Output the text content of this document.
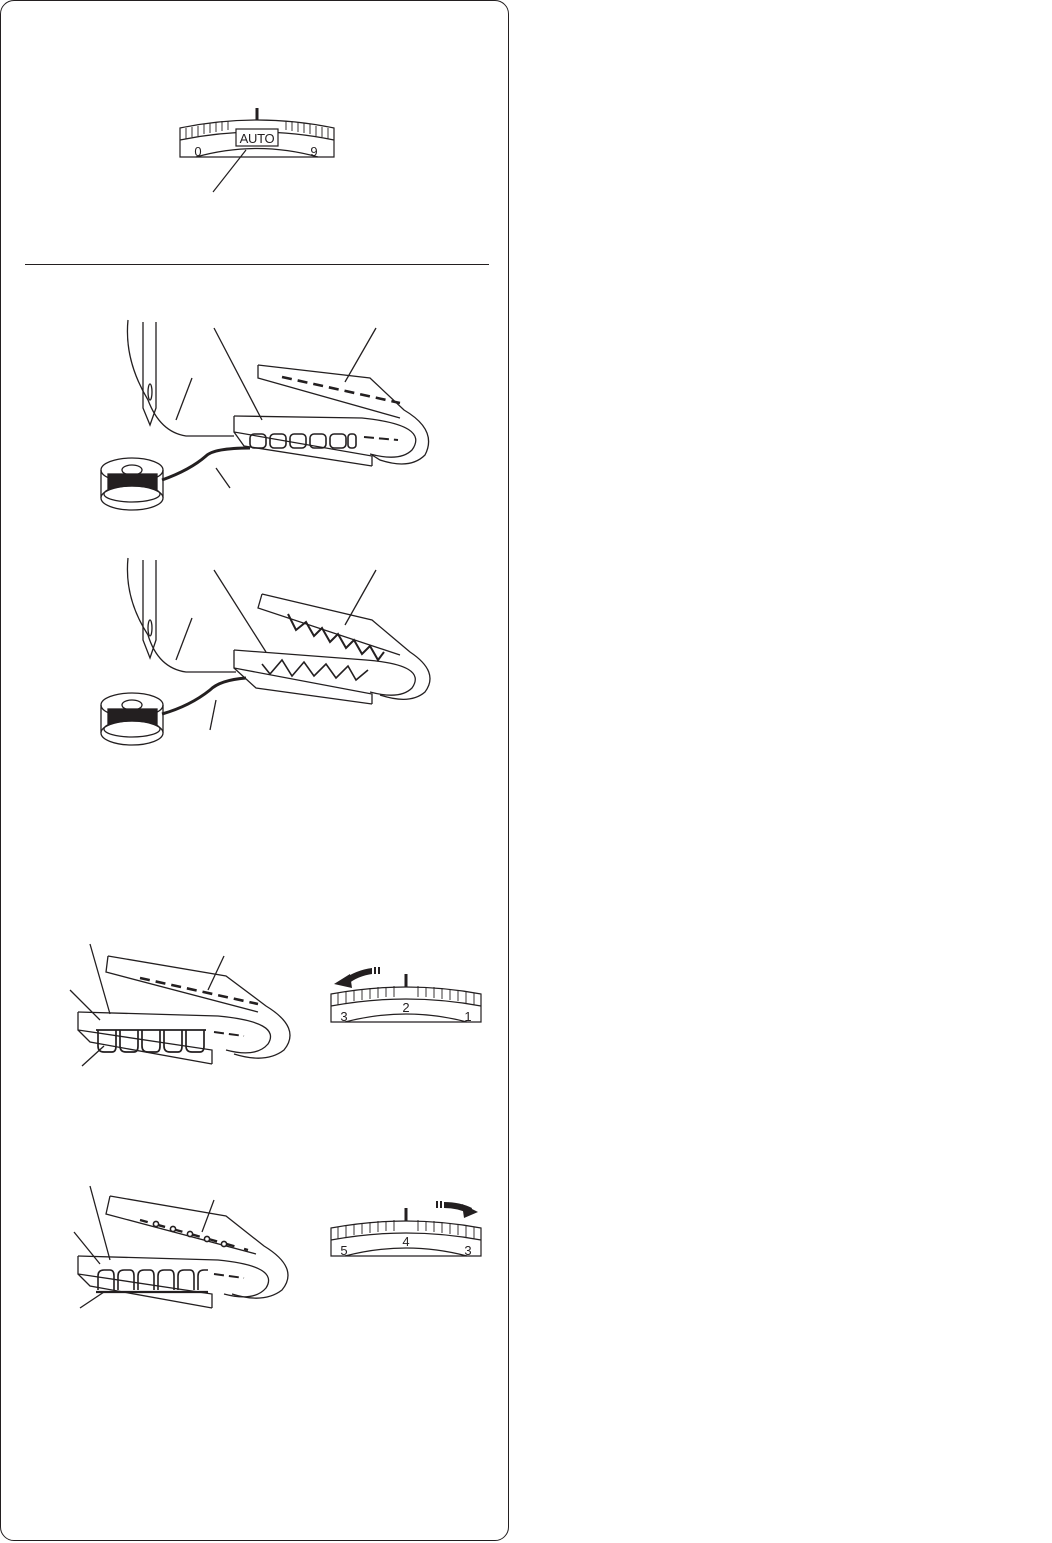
AUTO
0	9
3
2
1
5
4
3
